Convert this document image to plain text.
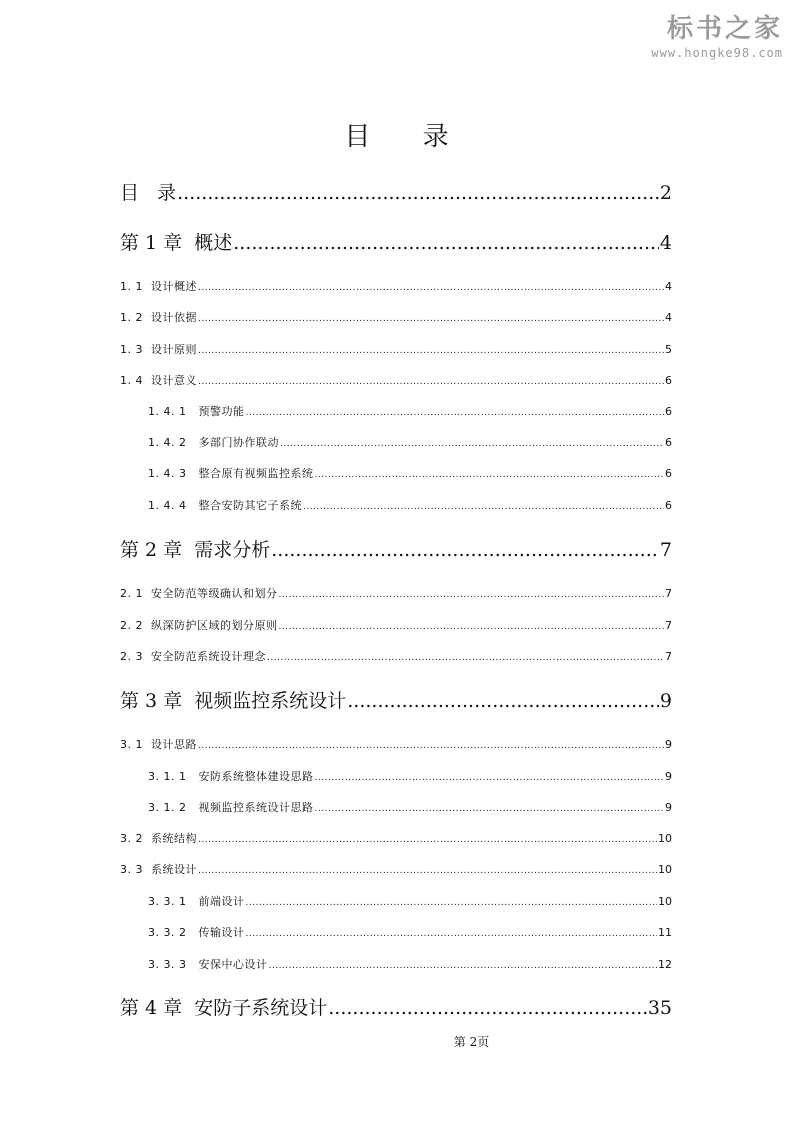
标书之家
www.hongke98.com
目 录
目   录 .....	2
第 1 章  概述 .....	4
1. 1  设计概述 .....	4
1. 2  设计依据 .....	4
1. 3  设计原则 .....	5
1. 4  设计意义 .....	6
1. 4. 1   预警功能 .....	6
1. 4. 2   多部门协作联动 .....	6
1. 4. 3   整合原有视频监控系统 .....	6
1. 4. 4   整合安防其它子系统 .....	6
第 2 章  需求分析 .....	7
2. 1  安全防范等级确认和划分 .....	7
2. 2  纵深防护区域的划分原则 .....	7
2. 3  安全防范系统设计理念 .....	7
第 3 章  视频监控系统设计 .....	9
3. 1  设计思路 .....	9
3. 1. 1   安防系统整体建设思路 .....	9
3. 1. 2   视频监控系统设计思路 .....	9
3. 2  系统结构 .....	10
3. 3  系统设计 .....	10
3. 3. 1   前端设计 .....	10
3. 3. 2   传输设计 .....	11
3. 3. 3   安保中心设计 .....	12
第 4 章  安防子系统设计 .....	35
第 2页
